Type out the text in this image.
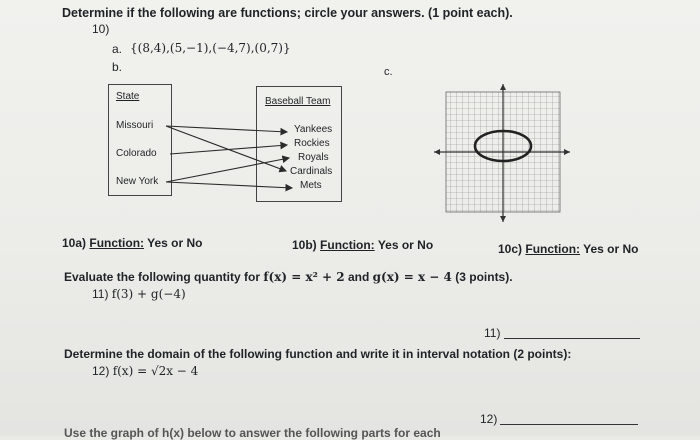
Determine if the following are functions; circle your answers. (1 point each).
10)
a. {(8,4),(5,−1),(−4,7),(0,7)}
b.	c.
State
Missouri
Colorado
New York
Baseball Team
Yankees
Rockies
Royals
Cardinals
Mets
10a) Function: Yes or No	10b) Function: Yes or No	10c) Function: Yes or No
Evaluate the following quantity for f(x) = x² + 2 and g(x) = x − 4 (3 points).
11) f(3) + g(−4)
11)
Determine the domain of the following function and write it in interval notation (2 points):
12) f(x) = √2x − 4
12)
Use the graph of h(x) below to answer the following parts for each
